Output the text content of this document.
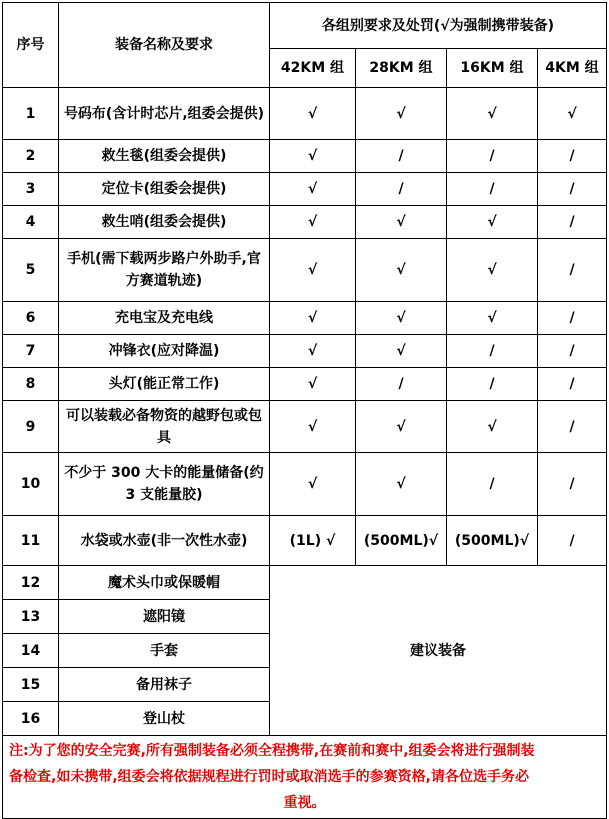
序号	装备名称及要求	各组别要求及处罚(√为强制携带装备)			
		42KM 组	28KM 组	16KM 组	4KM 组
1	号码布(含计时芯片,组委会提供)	√	√	√	√
2	救生毯(组委会提供)	√	/	/	/
3	定位卡(组委会提供)	√	/	/	/
4	救生哨(组委会提供)	√	√	√	/
5	手机(需下载两步路户外助手,官方赛道轨迹)	√	√	√	/
6	充电宝及充电线	√	√	√	/
7	冲锋衣(应对降温)	√	√	/	/
8	头灯(能正常工作)	√	/	/	/
9	可以装载必备物资的越野包或包具	√	√	√	/
10	不少于 300 大卡的能量储备(约 3 支能量胶)	√	√	/	/
11	水袋或水壶(非一次性水壶)	(1L) √	(500ML)√	(500ML)√	/
12	魔术头巾或保暖帽	建议装备			
13	遮阳镜				
14	手套				
15	备用袜子				
16	登山杖				

注:为了您的安全完赛,所有强制装备必须全程携带,在赛前和赛中,组委会将进行强制装
备检查,如未携带,组委会将依据规程进行罚时或取消选手的参赛资格,请各位选手务必
重视。					
